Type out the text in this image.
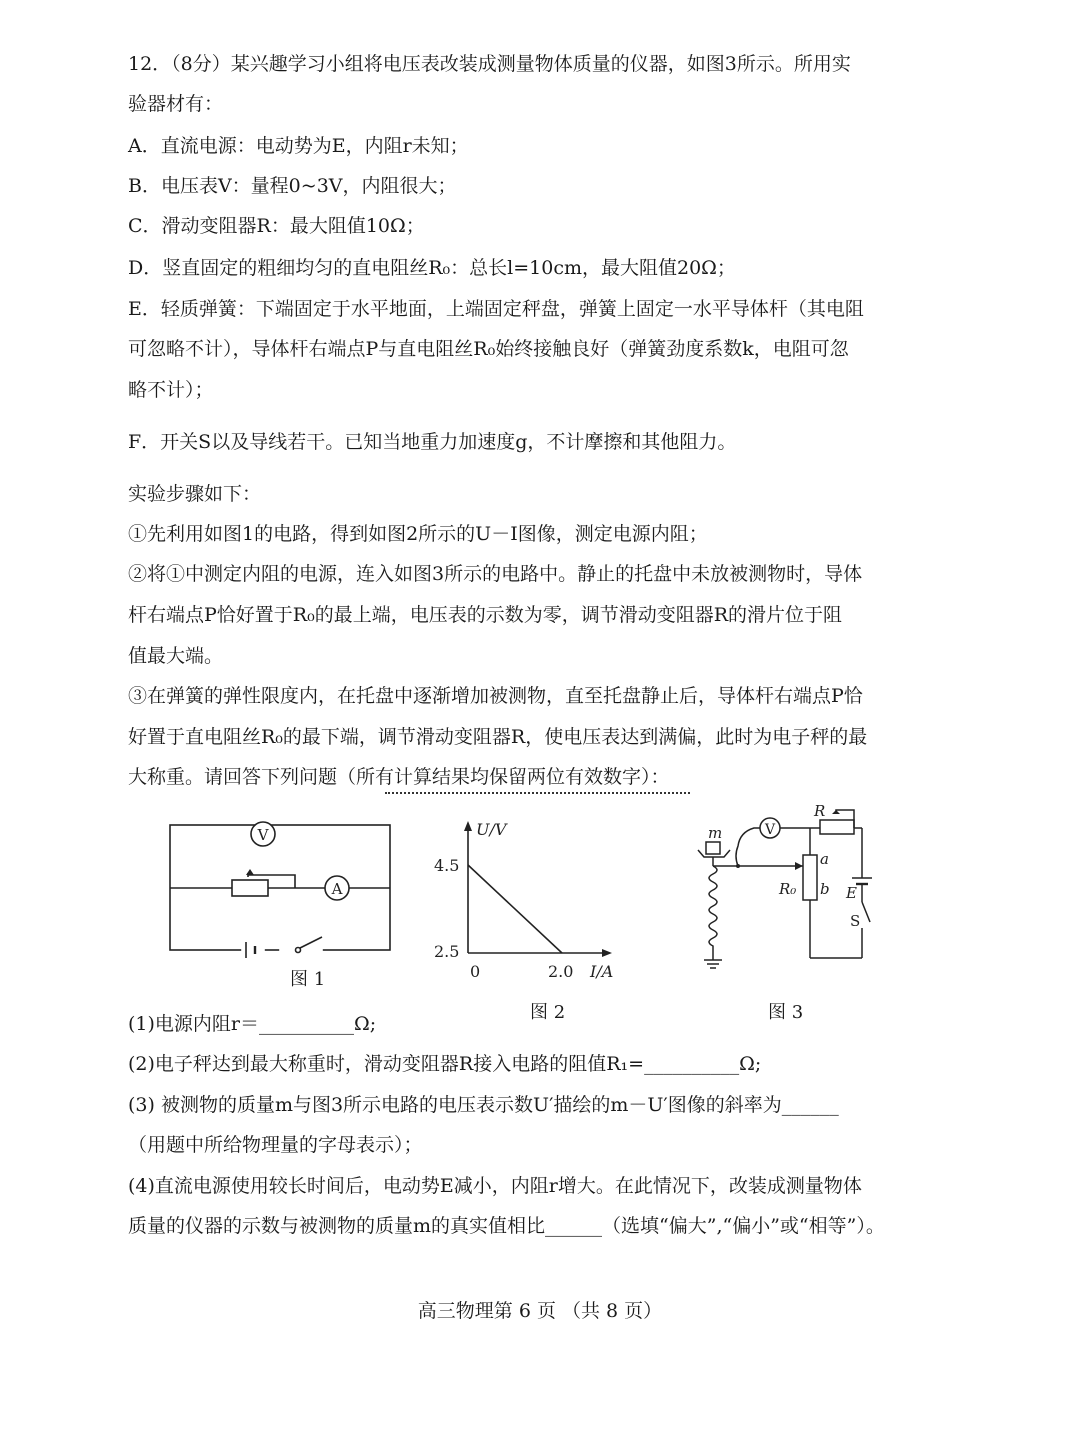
12．（8分）某兴趣学习小组将电压表改装成测量物体质量的仪器，如图3所示。所用实
验器材有：
A．直流电源：电动势为E，内阻r未知；
B．电压表V：量程0~3V，内阻很大；
C．滑动变阻器R：最大阻值10Ω；
D．竖直固定的粗细均匀的直电阻丝R₀：总长l=10cm，最大阻值20Ω；
E．轻质弹簧：下端固定于水平地面，上端固定秤盘，弹簧上固定一水平导体杆（其电阻
可忽略不计），导体杆右端点P与直电阻丝R₀始终接触良好（弹簧劲度系数k，电阻可忽
略不计）；
F．开关S以及导线若干。已知当地重力加速度g，不计摩擦和其他阻力。
实验步骤如下：
①先利用如图1的电路，得到如图2所示的U－I图像，测定电源内阻；
②将①中测定内阻的电源，连入如图3所示的电路中。静止的托盘中未放被测物时，导体
杆右端点P恰好置于R₀的最上端，电压表的示数为零，调节滑动变阻器R的滑片位于阻
值最大端。
③在弹簧的弹性限度内，在托盘中逐渐增加被测物，直至托盘静止后，导体杆右端点P恰
好置于直电阻丝R₀的最下端，调节滑动变阻器R，使电压表达到满偏，此时为电子秤的最
大称重。请回答下列问题（所有计算结果均保留两位有效数字）：
V
A
图 1
U/V
4.5
2.5
0	2.0 I/A
图 2
m	V
R
a
b
R₀	E
S
图 3
(1)电源内阻r＝__________Ω;
(2)电子秤达到最大称重时，滑动变阻器R接入电路的阻值R₁=__________Ω;
(3) 被测物的质量m与图3所示电路的电压表示数U′描绘的m－U′图像的斜率为______
（用题中所给物理量的字母表示）；
(4)直流电源使用较长时间后，电动势E减小，内阻r增大。在此情况下，改装成测量物体
质量的仪器的示数与被测物的质量m的真实值相比______（选填“偏大”,“偏小”或“相等”）。
高三物理第 6 页 （共 8 页）
